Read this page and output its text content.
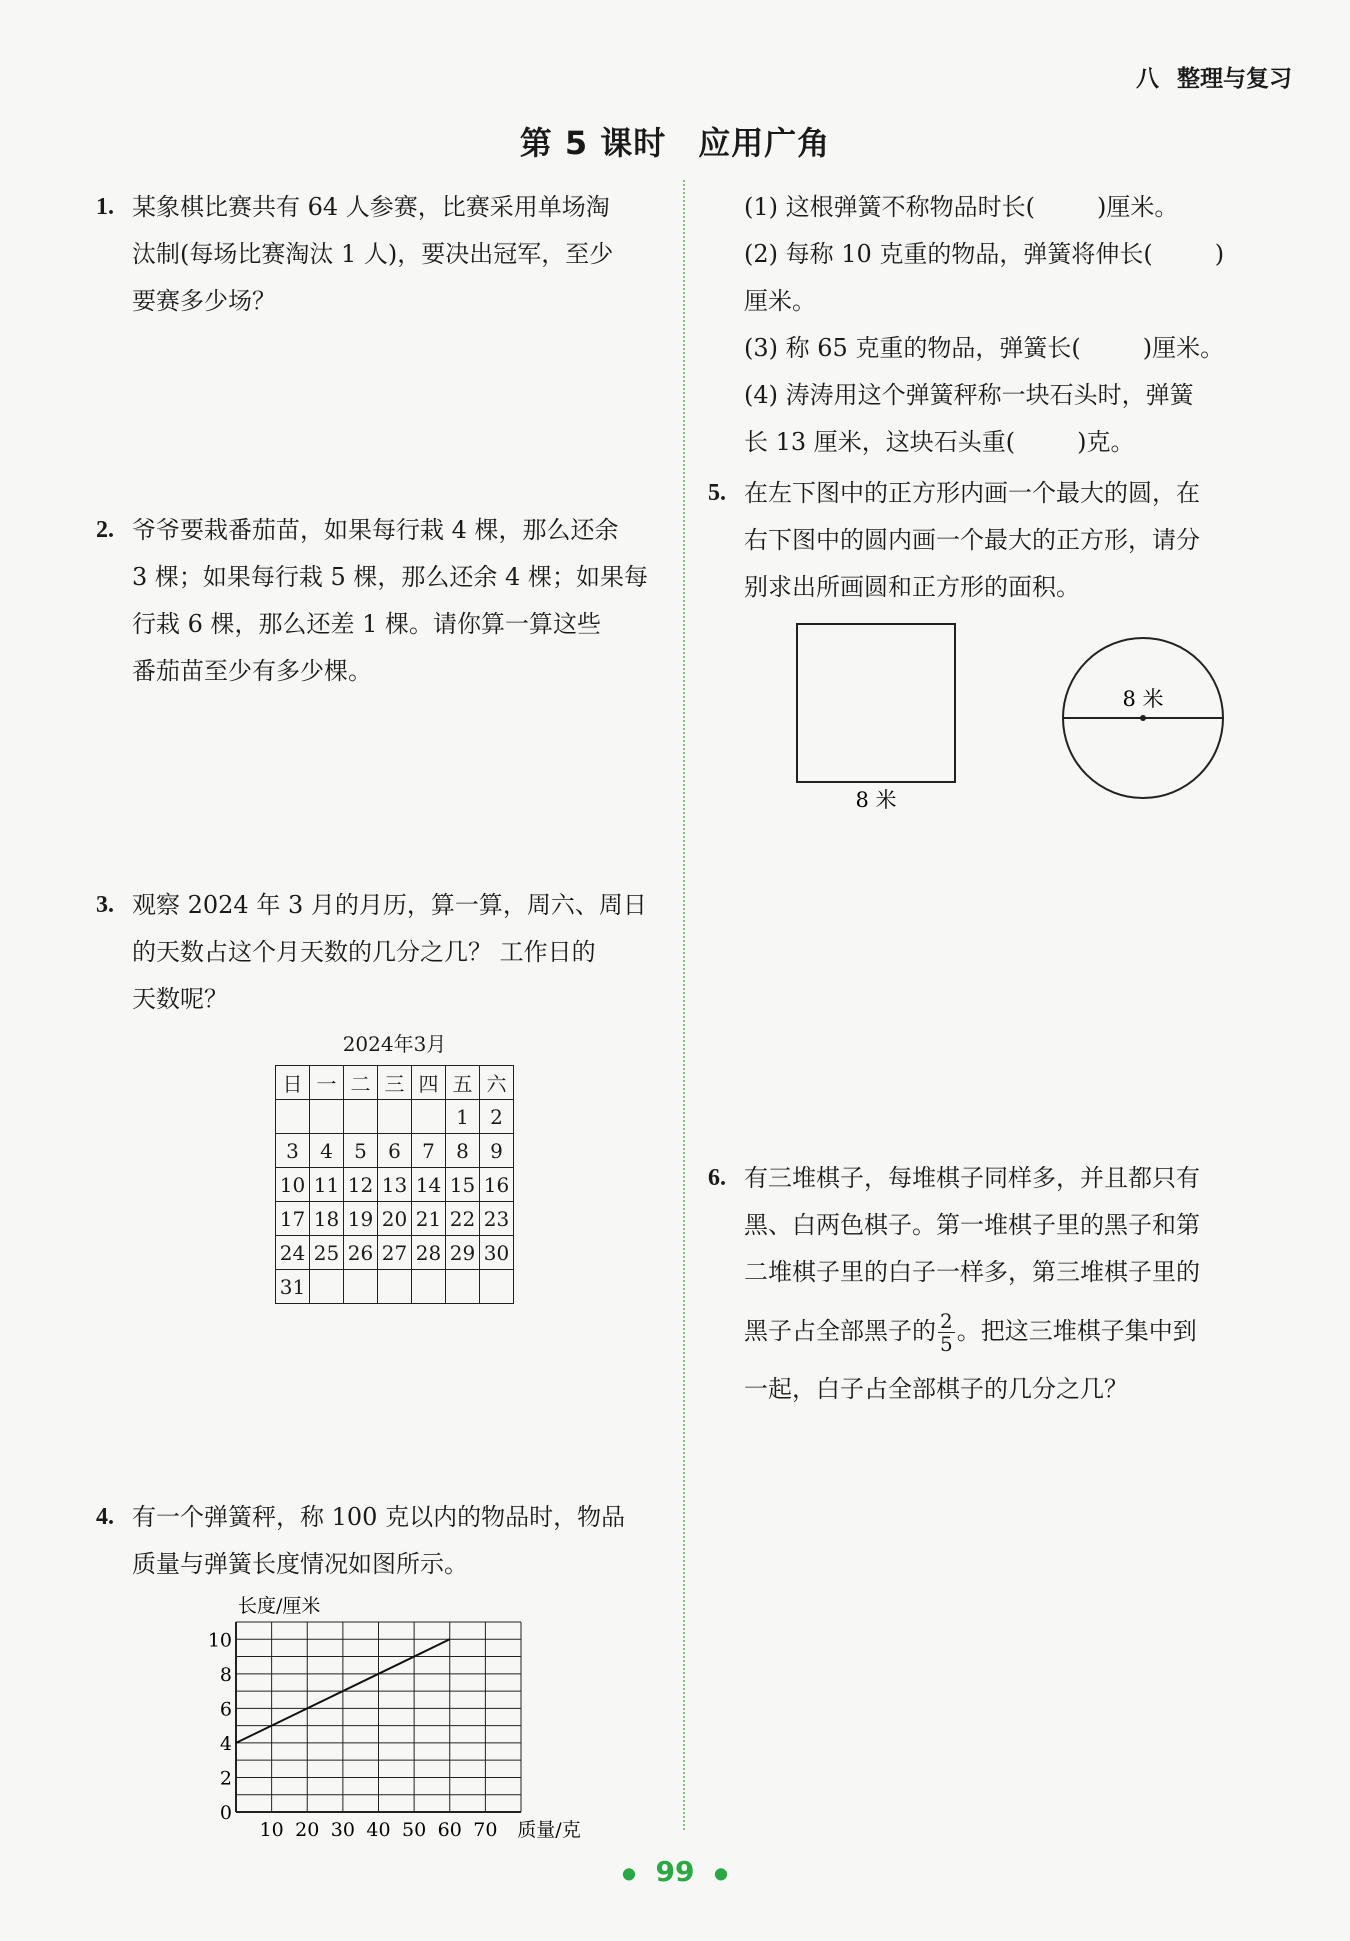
八 整理与复习
第 5 课时 应用广角
1. 某象棋比赛共有 64 人参赛，比赛采用单场淘
汰制(每场比赛淘汰 1 人)，要决出冠军，至少
要赛多少场？
2. 爷爷要栽番茄苗，如果每行栽 4 棵，那么还余
3 棵；如果每行栽 5 棵，那么还余 4 棵；如果每
行栽 6 棵，那么还差 1 棵。请你算一算这些
番茄苗至少有多少棵。
3. 观察 2024 年 3 月的月历，算一算，周六、周日
的天数占这个月天数的几分之几？ 工作日的
天数呢？
2024年3月
日	一	二	三	四	五	六
					1	2
3	4	5	6	7	8	9
10	11	12	13	14	15	16
17	18	19	20	21	22	23
24	25	26	27	28	29	30
31						
4. 有一个弹簧秤，称 100 克以内的物品时，物品
质量与弹簧长度情况如图所示。
0
2
4
6
8
10
10 20 30 40 50 60 70 质量/克
长度/厘米
(1) 这根弹簧不称物品时长(	)厘米。
(2) 每称 10 克重的物品，弹簧将伸长(	)
厘米。
(3) 称 65 克重的物品，弹簧长(	)厘米。
(4) 涛涛用这个弹簧秤称一块石头时，弹簧
长 13 厘米，这块石头重(	)克。
5. 在左下图中的正方形内画一个最大的圆，在
右下图中的圆内画一个最大的正方形，请分
别求出所画圆和正方形的面积。
8 米
8 米
6. 有三堆棋子，每堆棋子同样多，并且都只有
黑、白两色棋子。第一堆棋子里的黑子和第
二堆棋子里的白子一样多，第三堆棋子里的
黑子占全部黑子的 $\frac{2}{5}$ 。把这三堆棋子集中到
一起，白子占全部棋子的几分之几？
● 99 ●
